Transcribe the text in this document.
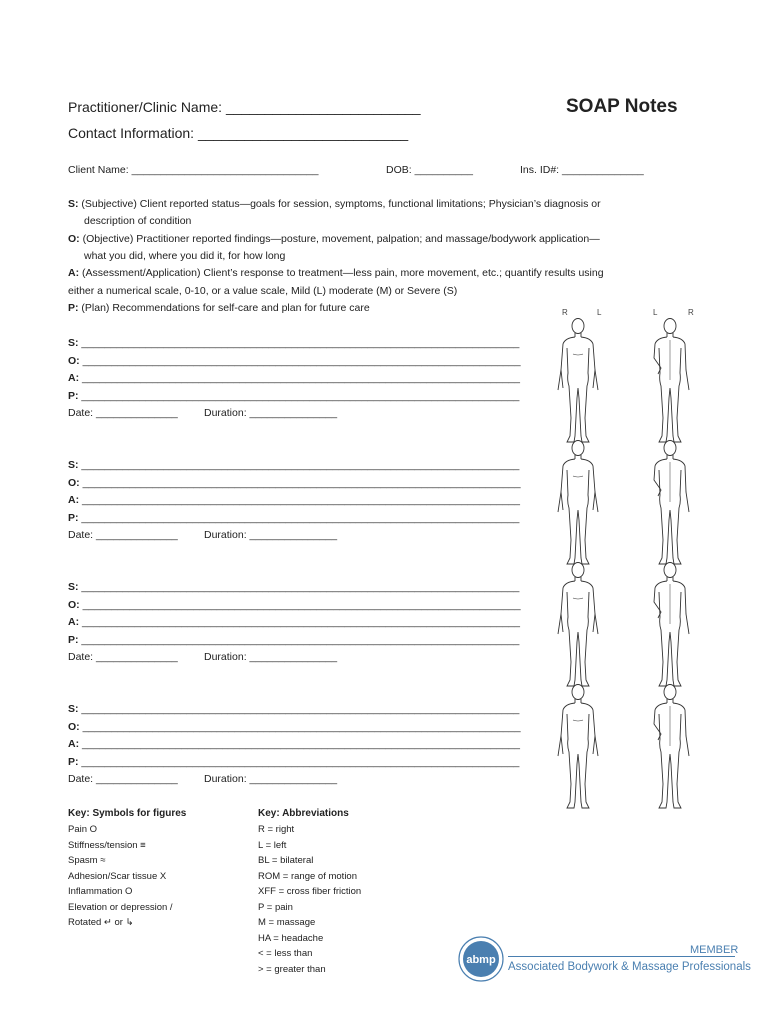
Practitioner/Clinic Name: _________________________	SOAP Notes
Contact Information: ___________________________
Client Name: ________________________________	DOB: __________	Ins. ID#: ______________
S: (Subjective) Client reported status—goals for session, symptoms, functional limitations; Physician’s diagnosis or
description of condition
O: (Objective) Practitioner reported findings—posture, movement, palpation; and massage/bodywork application—
what you did, where you did it, for how long
A: (Assessment/Application) Client’s response to treatment—less pain, more movement, etc.; quantify results using
either a numerical scale, 0-10, or a value scale, Mild (L) moderate (M) or Severe (S)
P: (Plan) Recommendations for self-care and plan for future care	R	L	L	R
S: ___________________________________________________________________________
O: ___________________________________________________________________________
A: ___________________________________________________________________________
P: ___________________________________________________________________________
Date: ______________ Duration: _______________
S: ___________________________________________________________________________
O: ___________________________________________________________________________
A: ___________________________________________________________________________
P: ___________________________________________________________________________
Date: ______________ Duration: _______________
S: ___________________________________________________________________________
O: ___________________________________________________________________________
A: ___________________________________________________________________________
P: ___________________________________________________________________________
Date: ______________ Duration: _______________
S: ___________________________________________________________________________
O: ___________________________________________________________________________
A: ___________________________________________________________________________
P: ___________________________________________________________________________
Date: ______________ Duration: _______________
Key: Symbols for figures
Pain O
Stiffness/tension ≡
Spasm ≈
Adhesion/Scar tissue X
Inflammation O
Elevation or depression /
Rotated ↵ or ↳
Key: Abbreviations
R = right
L = left
BL = bilateral
ROM = range of motion
XFF = cross fiber friction
P = pain
M = massage
HA = headache
< = less than
> = greater than
abmp
MEMBER
Associated Bodywork & Massage Professionals
